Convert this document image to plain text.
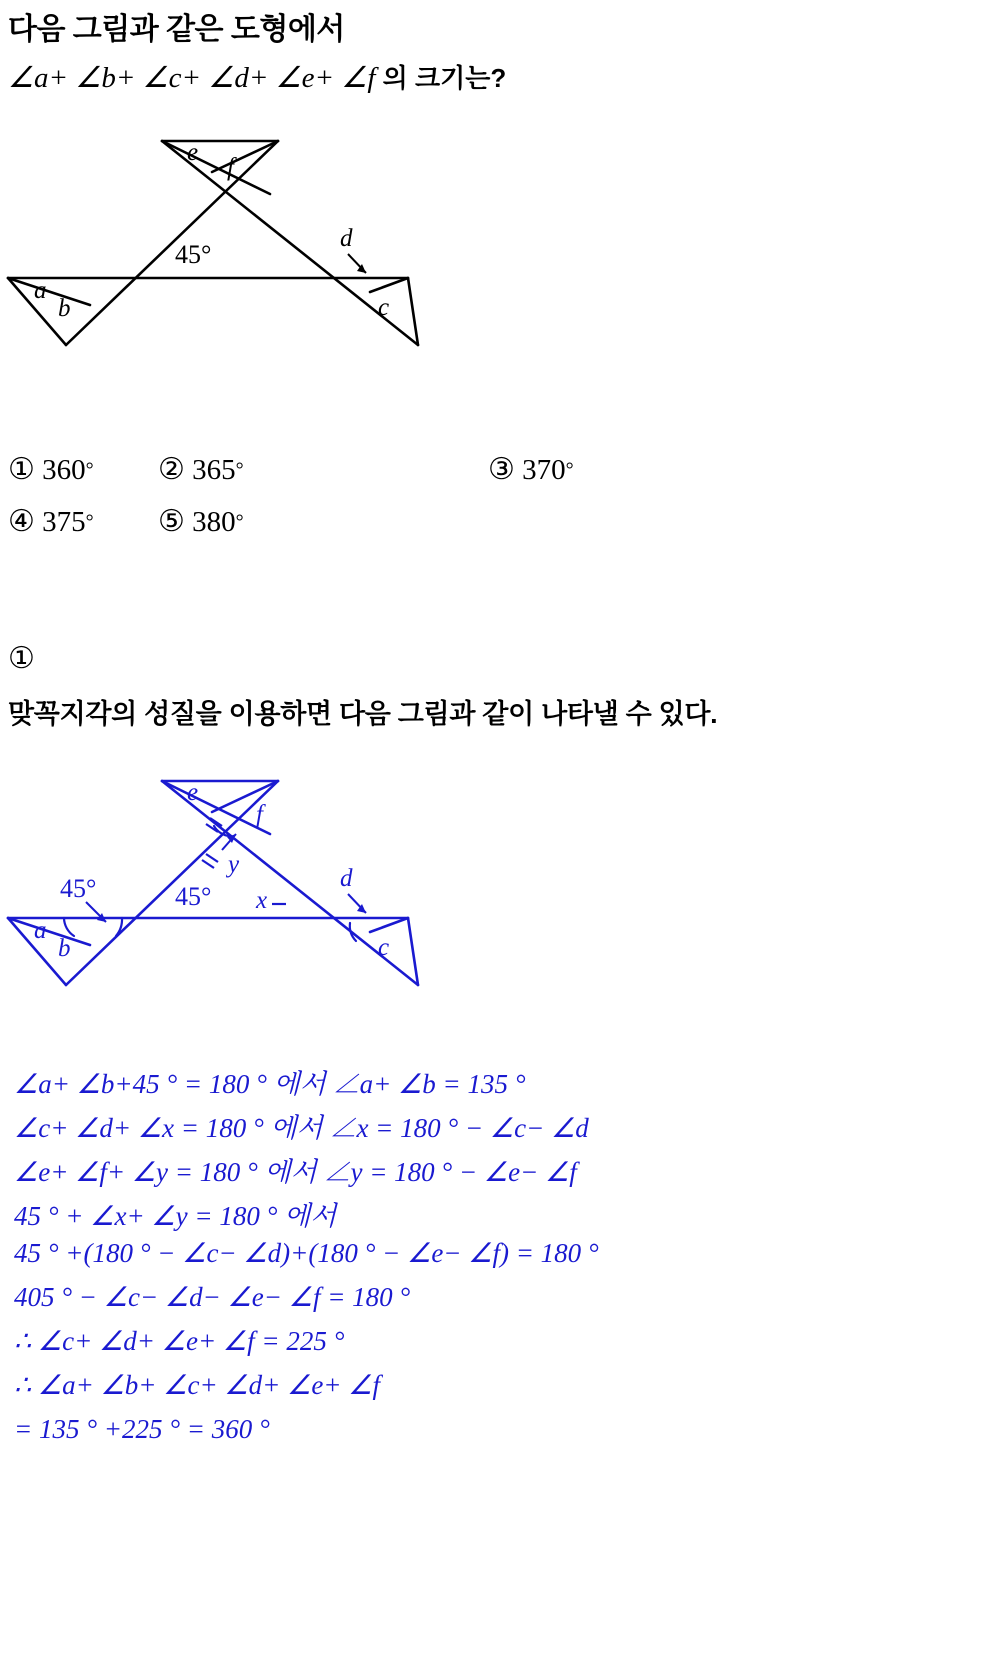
다음 그림과 같은 도형에서
∠a+ ∠b+ ∠c+ ∠d+ ∠e+ ∠f 의 크기는?
a
b	c
d
e
f
45°
① 360° ② 365°	③ 370°
④ 375° ⑤ 380°
①
맞꼭지각의 성질을 이용하면 다음 그림과 같이 나타낼 수 있다.
a
b	c
d
e
f
y
x
45°	45°
∠a+ ∠b+45 ° = 180 ° 에서 ∠a+ ∠b = 135 °
∠c+ ∠d+ ∠x = 180 ° 에서 ∠x = 180 ° − ∠c− ∠d
∠e+ ∠f+ ∠y = 180 ° 에서 ∠y = 180 ° − ∠e− ∠f
45 ° + ∠x+ ∠y = 180 ° 에서
45 ° +(180 ° − ∠c− ∠d)+(180 ° − ∠e− ∠f) = 180 °
405 ° − ∠c− ∠d− ∠e− ∠f = 180 °
∴ ∠c+ ∠d+ ∠e+ ∠f = 225 °
∴ ∠a+ ∠b+ ∠c+ ∠d+ ∠e+ ∠f
= 135 ° +225 ° = 360 °
